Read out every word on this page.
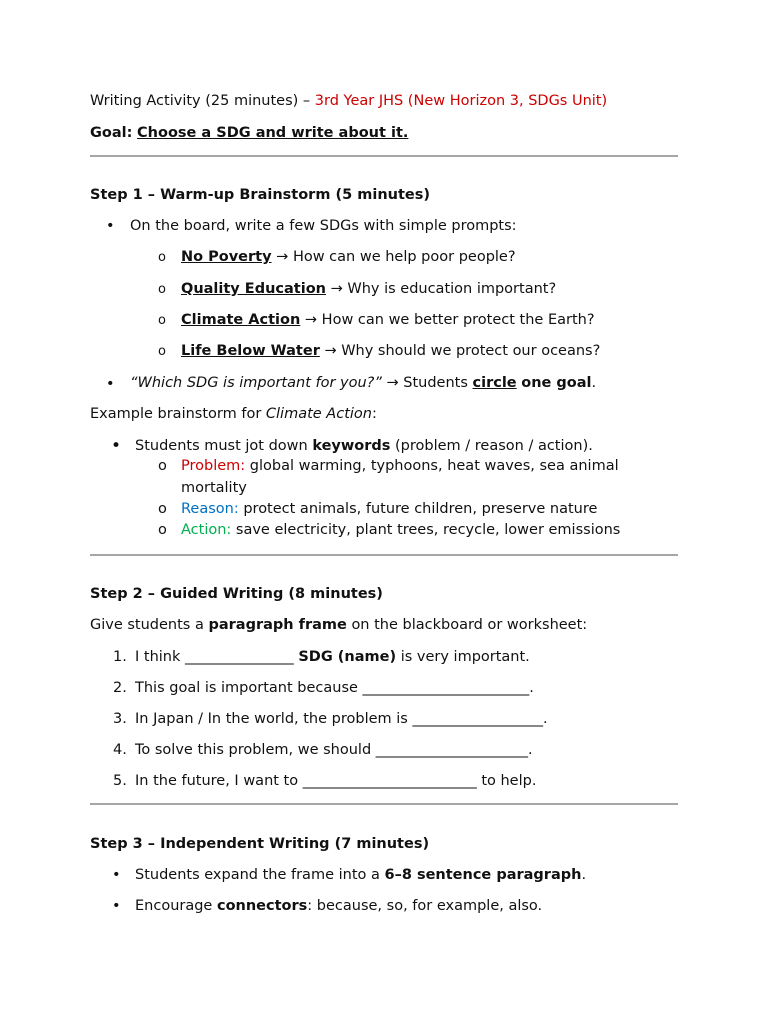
Writing Activity (25 minutes) – 3rd Year JHS (New Horizon 3, SDGs Unit)
Goal: Choose a SDG and write about it.
Step 1 – Warm-up Brainstorm (5 minutes)
• On the board, write a few SDGs with simple prompts:
o No Poverty → How can we help poor people?
o Quality Education → Why is education important?
o Climate Action → How can we better protect the Earth?
o Life Below Water → Why should we protect our oceans?
• “Which SDG is important for you?” → Students circle one goal.
Example brainstorm for Climate Action:
• Students must jot down keywords (problem / reason / action).
o Problem: global warming, typhoons, heat waves, sea animal
mortality
o Reason: protect animals, future children, preserve nature
o Action: save electricity, plant trees, recycle, lower emissions
Step 2 – Guided Writing (8 minutes)
Give students a paragraph frame on the blackboard or worksheet:
1. I think _______________ SDG (name) is very important.
2. This goal is important because _______________________.
3. In Japan / In the world, the problem is __________________.
4. To solve this problem, we should _____________________.
5. In the future, I want to ________________________ to help.
Step 3 – Independent Writing (7 minutes)
• Students expand the frame into a 6–8 sentence paragraph.
• Encourage connectors: because, so, for example, also.
